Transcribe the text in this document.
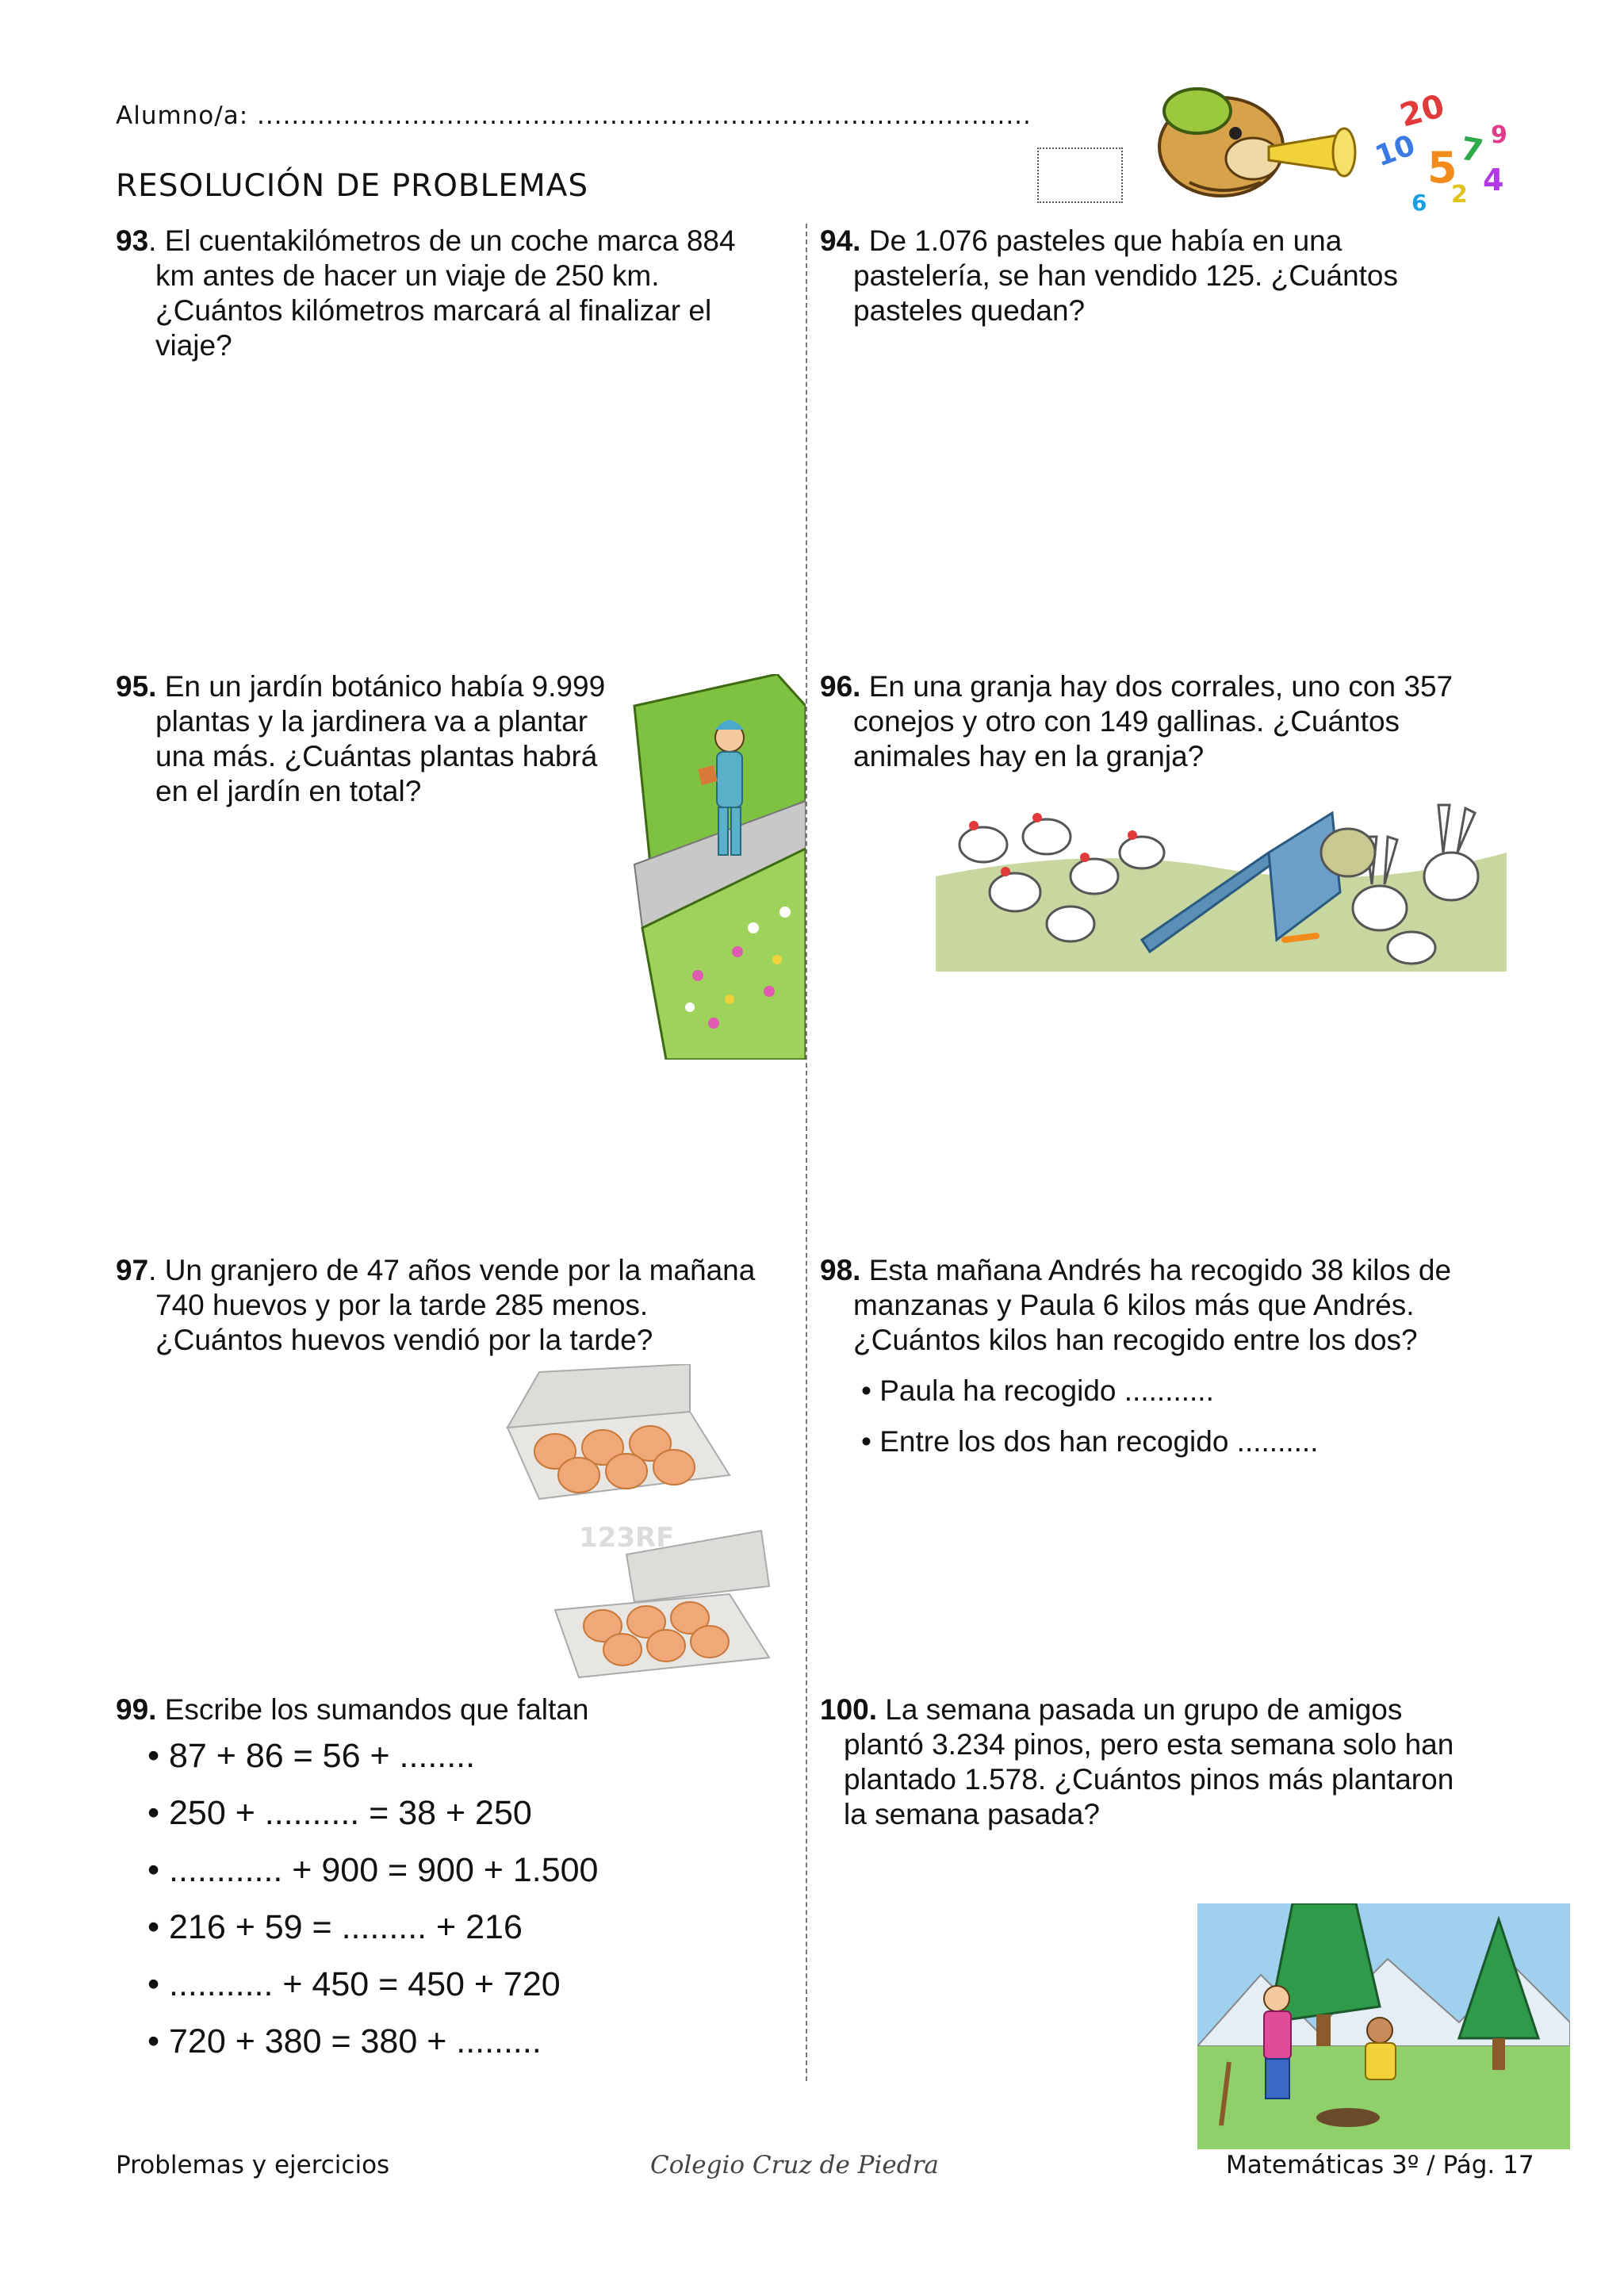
Alumno/a: ..........................................................................................
RESOLUCIÓN DE PROBLEMAS
20
10 5 7
4
2
6
9
93. El cuentakilómetros de un coche marca 884
km antes de hacer un viaje de 250 km.
¿Cuántos kilómetros marcará al finalizar el
viaje?
94. De 1.076 pasteles que había en una
pastelería, se han vendido 125. ¿Cuántos
pasteles quedan?
95. En un jardín botánico había 9.999
plantas y la jardinera va a plantar
una más. ¿Cuántas plantas habrá
en el jardín en total?
96. En una granja hay dos corrales, uno con 357
conejos y otro con 149 gallinas. ¿Cuántos
animales hay en la granja?
97. Un granjero de 47 años vende por la mañana
740 huevos y por la tarde 285 menos.
¿Cuántos huevos vendió por la tarde?
123RF
98. Esta mañana Andrés ha recogido 38 kilos de
manzanas y Paula 6 kilos más que Andrés.
¿Cuántos kilos han recogido entre los dos?
• Paula ha recogido ...........
• Entre los dos han recogido ..........
99. Escribe los sumandos que faltan
• 87 + 86 = 56 + ........
• 250 + .......... = 38 + 250
• ............ + 900 = 900 + 1.500
• 216 + 59 = ......... + 216
• ........... + 450 = 450 + 720
• 720 + 380 = 380 + .........
100. La semana pasada un grupo de amigos
plantó 3.234 pinos, pero esta semana solo han
plantado 1.578. ¿Cuántos pinos más plantaron
la semana pasada?
Problemas y ejercicios	Colegio Cruz de Piedra	Matemáticas 3º / Pág. 17
